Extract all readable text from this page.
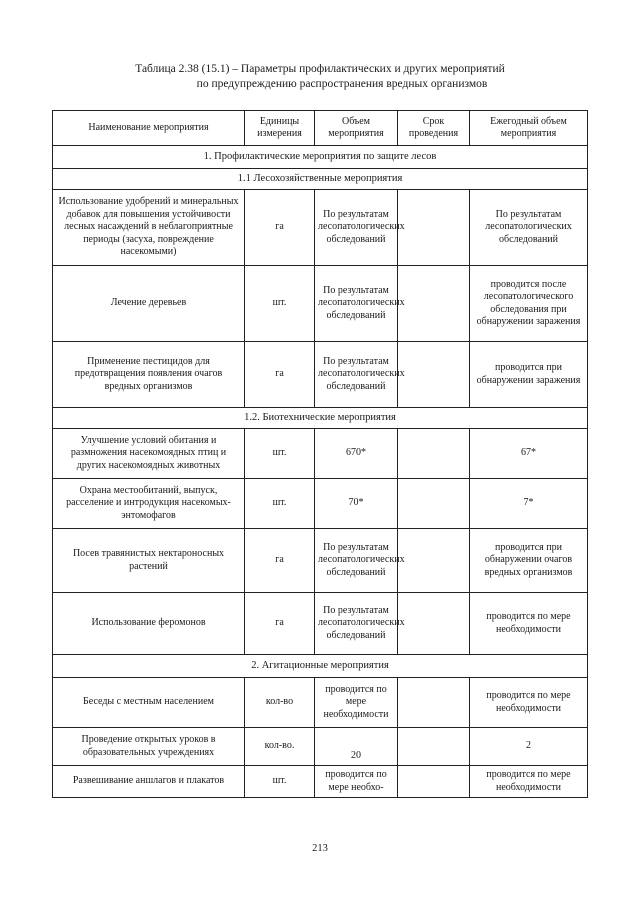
Таблица 2.38 (15.1) – Параметры профилактических и других мероприятий
по предупреждению распространения вредных организмов
Наименование мероприятия	Единицы измерения	Объем мероприятия	Срок проведения	Ежегодный объем мероприятия
1. Профилактические мероприятия по защите лесов				
1.1 Лесохозяйственные мероприятия				
Использование удобрений и минеральных добавок для повышения устойчивости лесных насаждений в неблагоприятные периоды (засуха, повреждение насекомыми)	га	По результатам лесопатологических обследований		По результатам лесопатологических обследований
Лечение деревьев	шт.	По результатам лесопатологических обследований		проводится после лесопатологического обследования при обнаружении заражения
Применение пестицидов для предотвращения появления очагов вредных организмов	га	По результатам лесопатологических обследований		проводится при обнаружении заражения
1.2. Биотехнические мероприятия				
Улучшение условий обитания и размножения насекомоядных птиц и других насекомоядных животных	шт.	670*		67*
Охрана местообитаний, выпуск, расселение и интродукция насекомых-энтомофагов	шт.	70*		7*
Посев травянистых нектароносных растений	га	По результатам лесопатологических обследований		проводится при обнаружении очагов вредных организмов
Использование феромонов	га	По результатам лесопатологических обследований		проводится по мере необходимости
2. Агитационные мероприятия				
Беседы с местным населением	кол-во	проводится по мере необходимости		проводится по мере необходимости
Проведение открытых уроков в образовательных учреждениях	кол-во.	20		2
Развешивание аншлагов и плакатов	шт.	проводится по мере необхо-		проводится по мере необходимости
213
